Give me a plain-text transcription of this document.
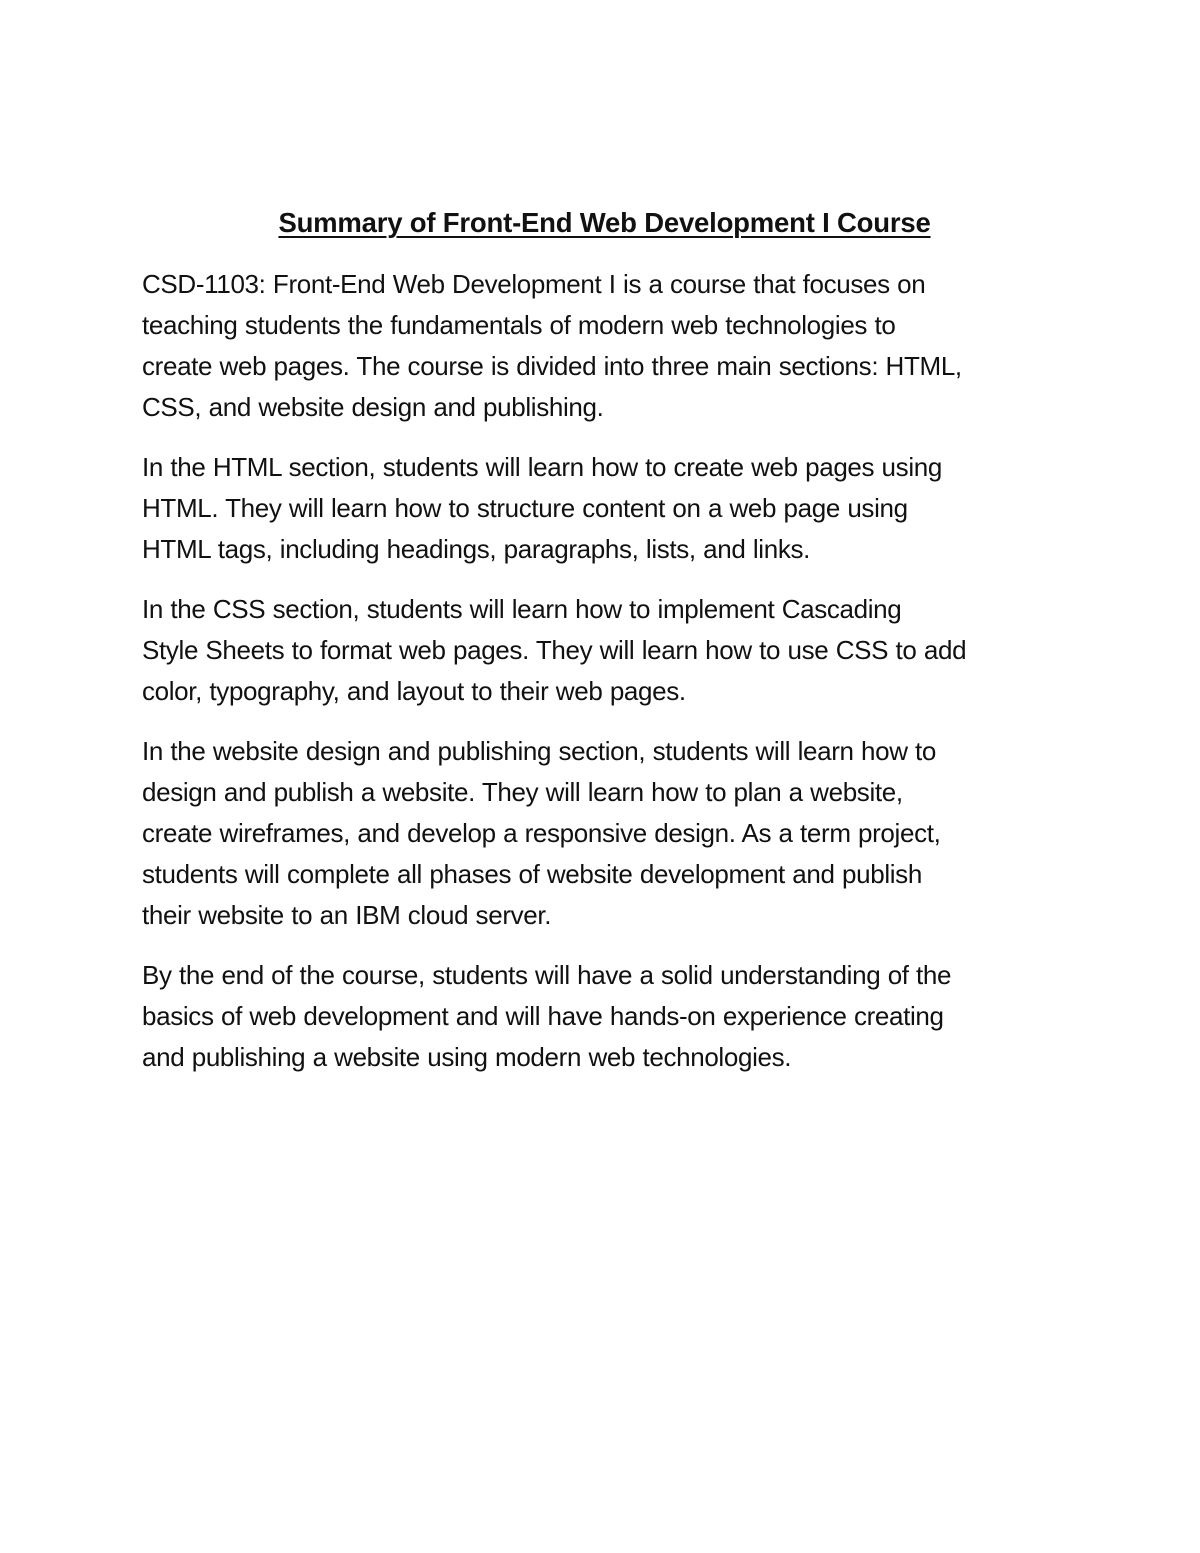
Summary of Front-End Web Development I Course

CSD-1103: Front-End Web Development I is a course that focuses on
teaching students the fundamentals of modern web technologies to
create web pages. The course is divided into three main sections: HTML,
CSS, and website design and publishing.

In the HTML section, students will learn how to create web pages using
HTML. They will learn how to structure content on a web page using
HTML tags, including headings, paragraphs, lists, and links.

In the CSS section, students will learn how to implement Cascading
Style Sheets to format web pages. They will learn how to use CSS to add
color, typography, and layout to their web pages.

In the website design and publishing section, students will learn how to
design and publish a website. They will learn how to plan a website,
create wireframes, and develop a responsive design. As a term project,
students will complete all phases of website development and publish
their website to an IBM cloud server.

By the end of the course, students will have a solid understanding of the
basics of web development and will have hands-on experience creating
and publishing a website using modern web technologies.
